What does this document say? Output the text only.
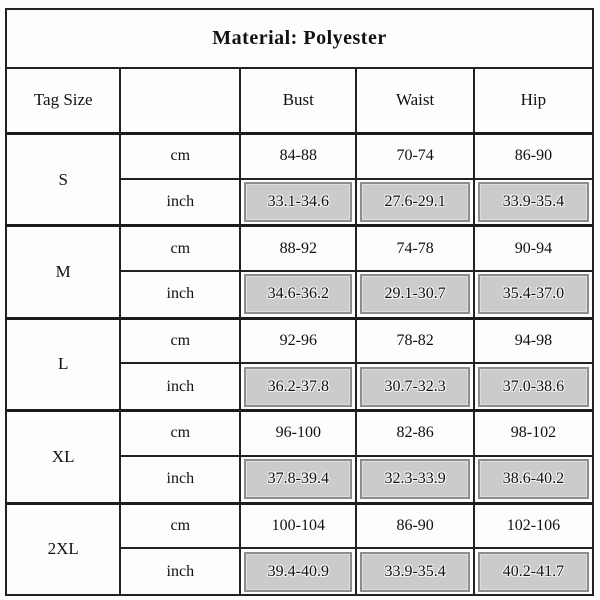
Material: Polyester				
Tag Size		Bust	Waist	Hip
S	cm	84-88	70-74	86-90
	inch	33.1-34.6	27.6-29.1	33.9-35.4

M	cm	88-92	74-78	90-94
	inch	34.6-36.2	29.1-30.7	35.4-37.0

L	cm	92-96	78-82	94-98
	inch	36.2-37.8	30.7-32.3	37.0-38.6

XL	cm	96-100	82-86	98-102
	inch	37.8-39.4	32.3-33.9	38.6-40.2

2XL	cm	100-104	86-90	102-106
	inch	39.4-40.9	33.9-35.4	40.2-41.7
